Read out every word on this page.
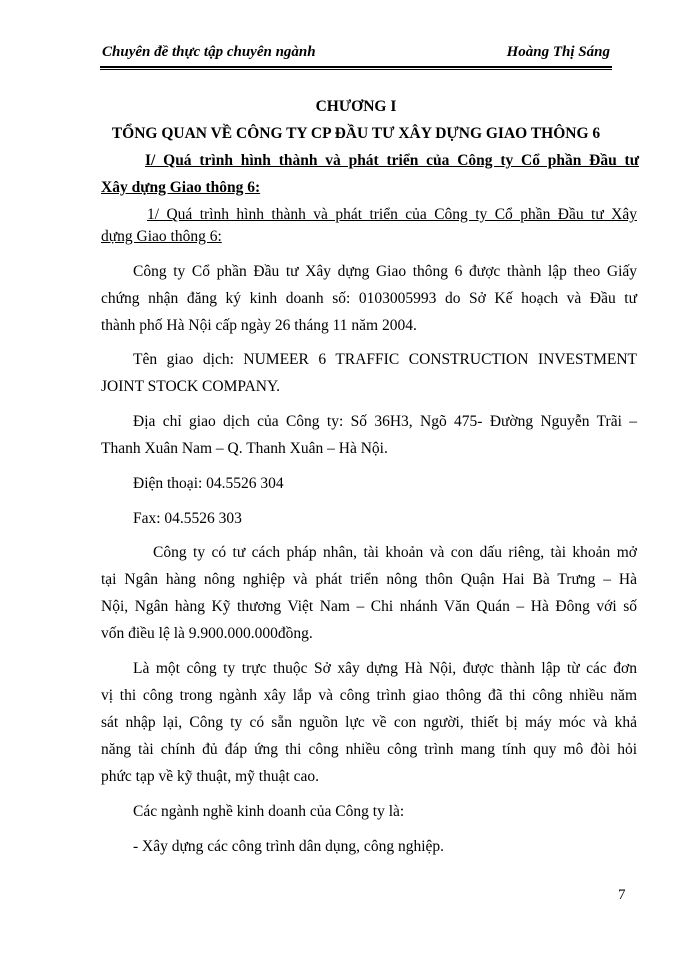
Chuyên đề thực tập chuyên ngành	Hoàng Thị Sáng
CHƯƠNG I
TỔNG QUAN VỀ CÔNG TY CP ĐẦU TƯ XÂY DỰNG GIAO THÔNG 6
I/ Quá trình hình thành và phát triển của Công ty Cổ phần Đầu tư
Xây dựng Giao thông 6:
1/ Quá trình hình thành và phát triển của Công ty Cổ phần Đầu tư Xây
dựng Giao thông 6:
Công ty Cổ phần Đầu tư Xây dựng Giao thông 6 được thành lập theo Giấy
chứng nhận đăng ký kinh doanh số: 0103005993 do Sở Kế hoạch và Đầu tư
thành phố Hà Nội cấp ngày 26 tháng 11 năm 2004.
Tên giao dịch: NUMEER 6 TRAFFIC CONSTRUCTION INVESTMENT
JOINT STOCK COMPANY.
Địa chỉ giao dịch của Công ty: Số 36H3, Ngõ 475- Đường Nguyễn Trãi –
Thanh Xuân Nam – Q. Thanh Xuân – Hà Nội.
Điện thoại: 04.5526 304
Fax: 04.5526 303
Công ty có tư cách pháp nhân, tài khoản và con dấu riêng, tài khoản mở
tại Ngân hàng nông nghiệp và phát triển nông thôn Quận Hai Bà Trưng – Hà
Nội, Ngân hàng Kỹ thương Việt Nam – Chi nhánh Văn Quán – Hà Đông với số
vốn điều lệ là 9.900.000.000đồng.
Là một công ty trực thuộc Sở xây dựng Hà Nội, được thành lập từ các đơn
vị thi công trong ngành xây lắp và công trình giao thông đã thi công nhiều năm
sát nhập lại, Công ty có sẵn nguồn lực về con người, thiết bị máy móc và khả
năng tài chính đủ đáp ứng thi công nhiều công trình mang tính quy mô đòi hỏi
phức tạp về kỹ thuật, mỹ thuật cao.
Các ngành nghề kinh doanh của Công ty là:
- Xây dựng các công trình dân dụng, công nghiệp.
7
